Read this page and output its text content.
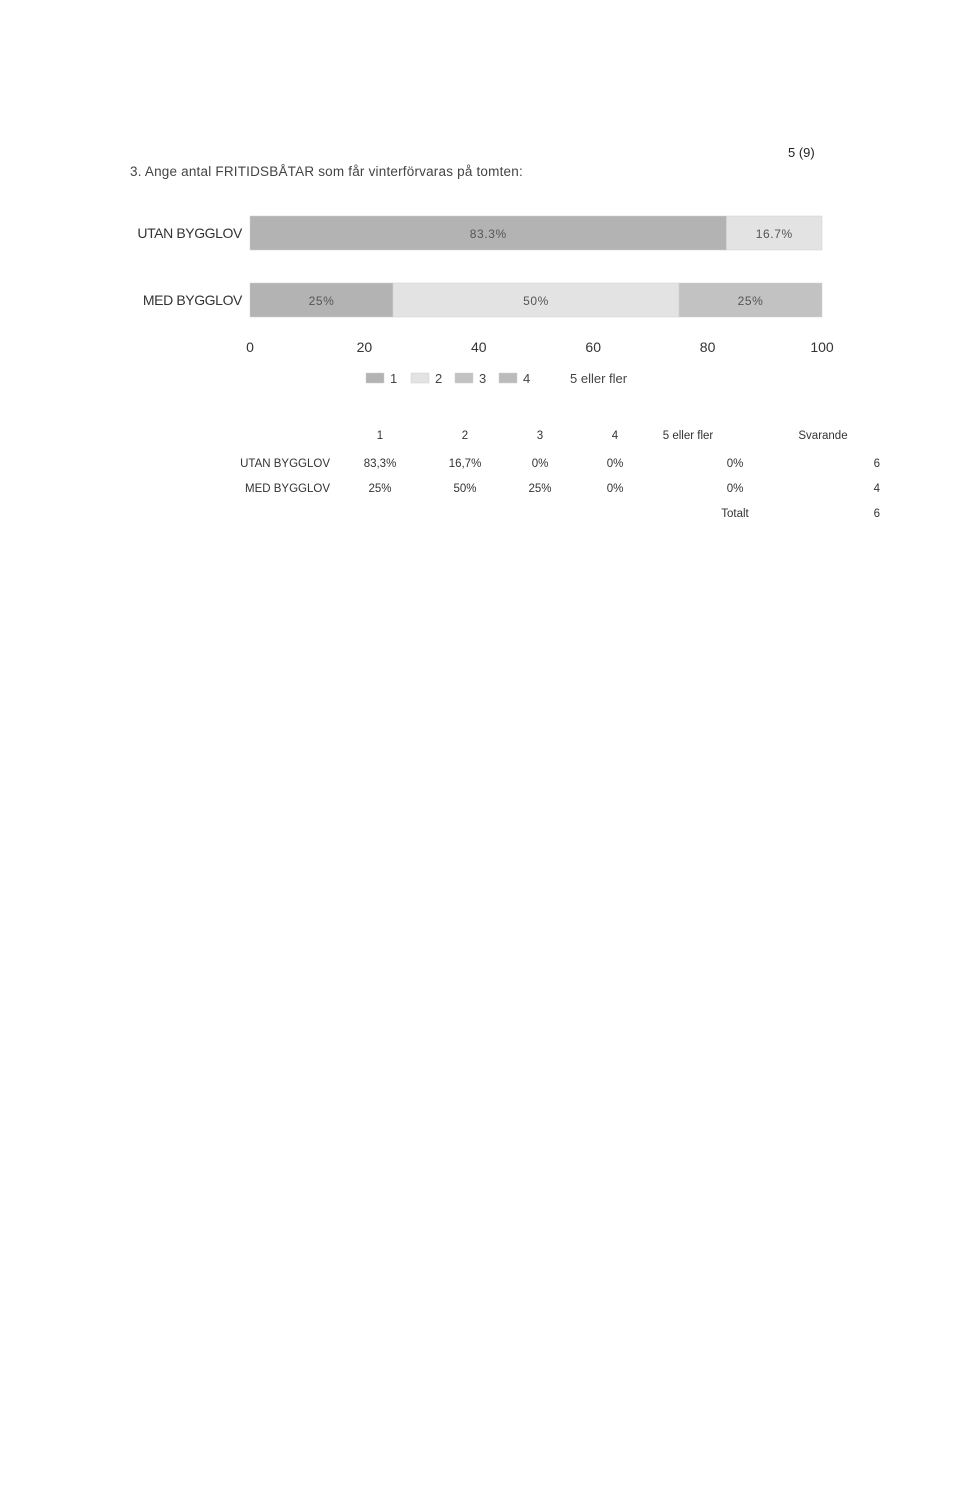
5 (9)
3. Ange antal FRITIDSBÅTAR som får vinterförvaras på tomten:
UTAN BYGGLOV	83.3%	16.7%
MED BYGGLOV	25%	50%	25%
0	20	40	60	80	100
1	2	3	4	5 eller fler
1	2	3	4	5 eller fler	Svarande
UTAN BYGGLOV	83,3%	16,7%	0%	0%	0%	6
MED BYGGLOV	25%	50%	25%	0%	0%	4
Totalt	6
